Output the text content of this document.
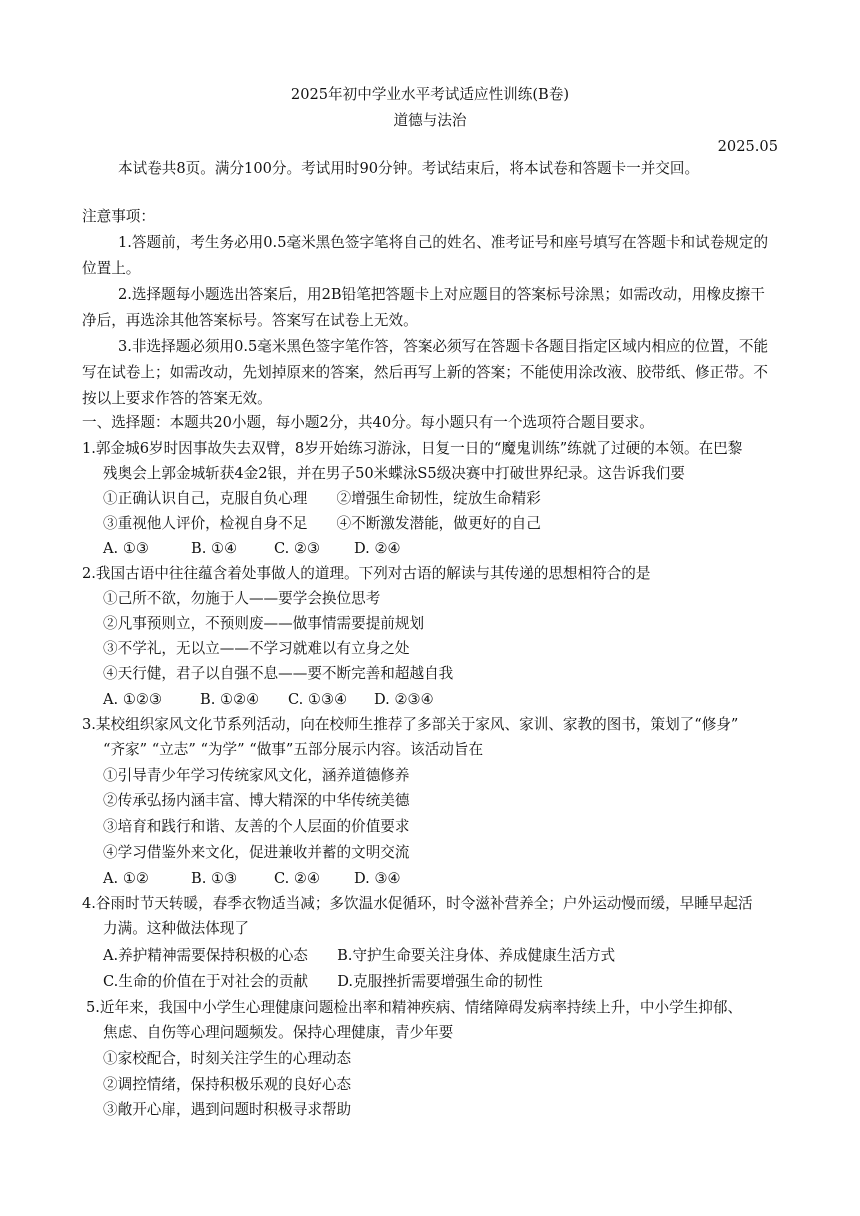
2025年初中学业水平考试适应性训练(B卷)
道德与法治
2025.05
本试卷共8页。满分100分。考试用时90分钟。考试结束后，将本试卷和答题卡一并交回。
注意事项：
1.答题前，考生务必用0.5毫米黑色签字笔将自己的姓名、准考证号和座号填写在答题卡和试卷规定的位置上。
2.选择题每小题选出答案后，用2B铅笔把答题卡上对应题目的答案标号涂黑；如需改动，用橡皮擦干净后，再选涂其他答案标号。答案写在试卷上无效。
3.非选择题必须用0.5毫米黑色签字笔作答，答案必须写在答题卡各题目指定区域内相应的位置，不能写在试卷上；如需改动，先划掉原来的答案，然后再写上新的答案；不能使用涂改液、胶带纸、修正带。不按以上要求作答的答案无效。
一、选择题：本题共20小题，每小题2分，共40分。每小题只有一个选项符合题目要求。
1.郭金城6岁时因事故失去双臂，8岁开始练习游泳，日复一日的“魔鬼训练”练就了过硬的本领。在巴黎
残奥会上郭金城斩获4金2银，并在男子50米蝶泳S5级决赛中打破世界纪录。这告诉我们要
①正确认识自己，克服自负心理　　②增强生命韧性，绽放生命精彩
③重视他人评价，检视自身不足　　④不断激发潜能，做更好的自己
A. ①③	B. ①④	C. ②③ D. ②④
2.我国古语中往往蕴含着处事做人的道理。下列对古语的解读与其传递的思想相符合的是
①己所不欲，勿施于人——要学会换位思考
②凡事预则立，不预则废——做事情需要提前规划
③不学礼，无以立——不学习就难以有立身之处
④天行健，君子以自强不息——要不断完善和超越自我
A. ①②③	B. ①②④ C. ①③④ D. ②③④
3.某校组织家风文化节系列活动，向在校师生推荐了多部关于家风、家训、家教的图书，策划了“修身”
“齐家” “立志” “为学” “做事”五部分展示内容。该活动旨在
①引导青少年学习传统家风文化，涵养道德修养
②传承弘扬内涵丰富、博大精深的中华传统美德
③培育和践行和谐、友善的个人层面的价值要求
④学习借鉴外来文化，促进兼收并蓄的文明交流
A. ①②	B. ①③	C. ②④ D. ③④
4.谷雨时节天转暖，春季衣物适当减；多饮温水促循环，时令滋补营养全；户外运动慢而缓，早睡早起活
力满。这种做法体现了
A.养护精神需要保持积极的心态　　B.守护生命要关注身体、养成健康生活方式
C.生命的价值在于对社会的贡献　　D.克服挫折需要增强生命的韧性
5.近年来，我国中小学生心理健康问题检出率和精神疾病、情绪障碍发病率持续上升，中小学生抑郁、
焦虑、自伤等心理问题频发。保持心理健康，青少年要
①家校配合，时刻关注学生的心理动态
②调控情绪，保持积极乐观的良好心态
③敞开心扉，遇到问题时积极寻求帮助
